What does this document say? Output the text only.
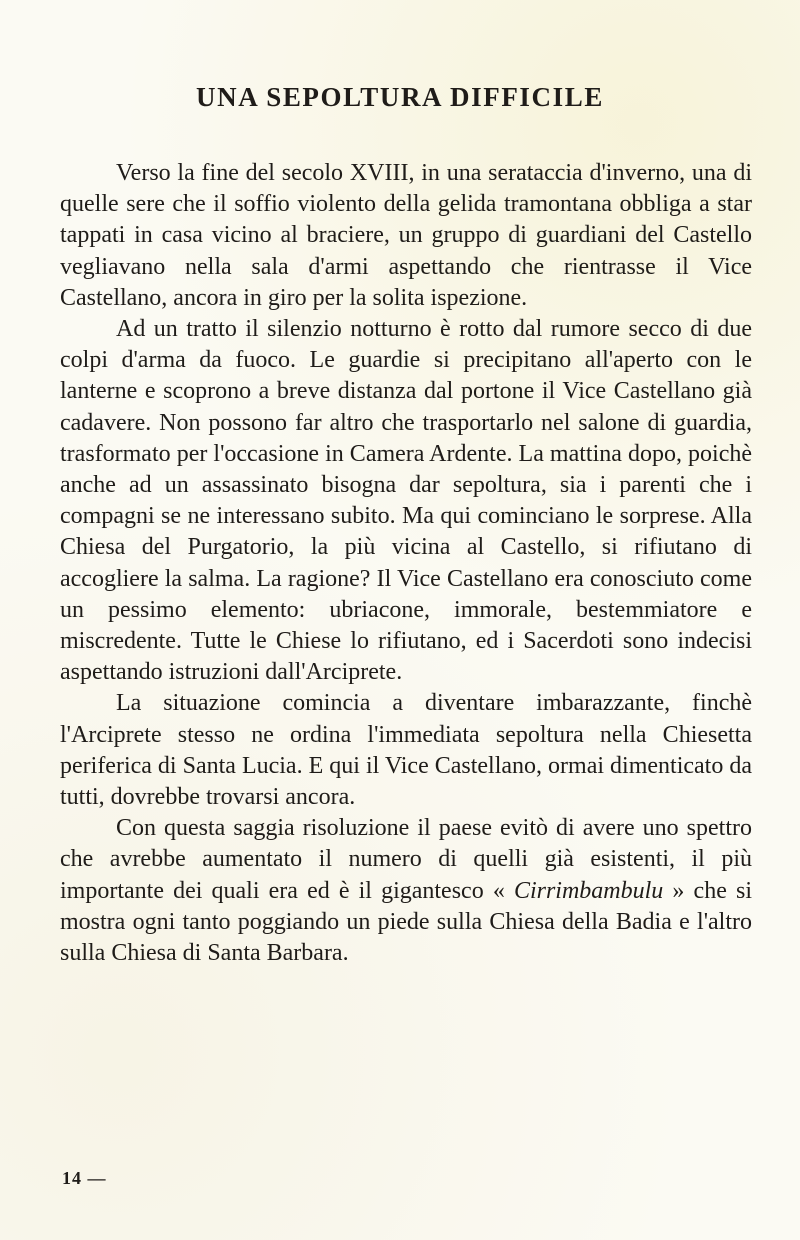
UNA SEPOLTURA DIFFICILE

Verso la fine del secolo XVIII, in una serataccia d'inverno, una di quelle sere che il soffio violento della gelida tramontana obbliga a star tappati in casa vicino al braciere, un gruppo di guardiani del Castello vegliavano nella sala d'armi aspettando che rientrasse il Vice Castellano, ancora in giro per la solita ispezione.

Ad un tratto il silenzio notturno è rotto dal rumore secco di due colpi d'arma da fuoco. Le guardie si precipitano all'aperto con le lanterne e scoprono a breve distanza dal portone il Vice Castellano già cadavere. Non possono far altro che trasportarlo nel salone di guardia, trasformato per l'occasione in Camera Ardente. La mattina dopo, poichè anche ad un assassinato bisogna dar sepoltura, sia i parenti che i compagni se ne interessano subito. Ma qui cominciano le sorprese. Alla Chiesa del Purgatorio, la più vicina al Castello, si rifiutano di accogliere la salma. La ragione? Il Vice Castellano era conosciuto come un pessimo elemento: ubriacone, immorale, bestemmiatore e miscredente. Tutte le Chiese lo rifiutano, ed i Sacerdoti sono indecisi aspettando istruzioni dall'Arciprete.

La situazione comincia a diventare imbarazzante, finchè l'Arciprete stesso ne ordina l'immediata sepoltura nella Chiesetta periferica di Santa Lucia. E qui il Vice Castellano, ormai dimenticato da tutti, dovrebbe trovarsi ancora.

Con questa saggia risoluzione il paese evitò di avere uno spettro che avrebbe aumentato il numero di quelli già esistenti, il più importante dei quali era ed è il gigantesco « Cirrimbambulu » che si mostra ogni tanto poggiando un piede sulla Chiesa della Badia e l'altro sulla Chiesa di Santa Barbara.

14 —
